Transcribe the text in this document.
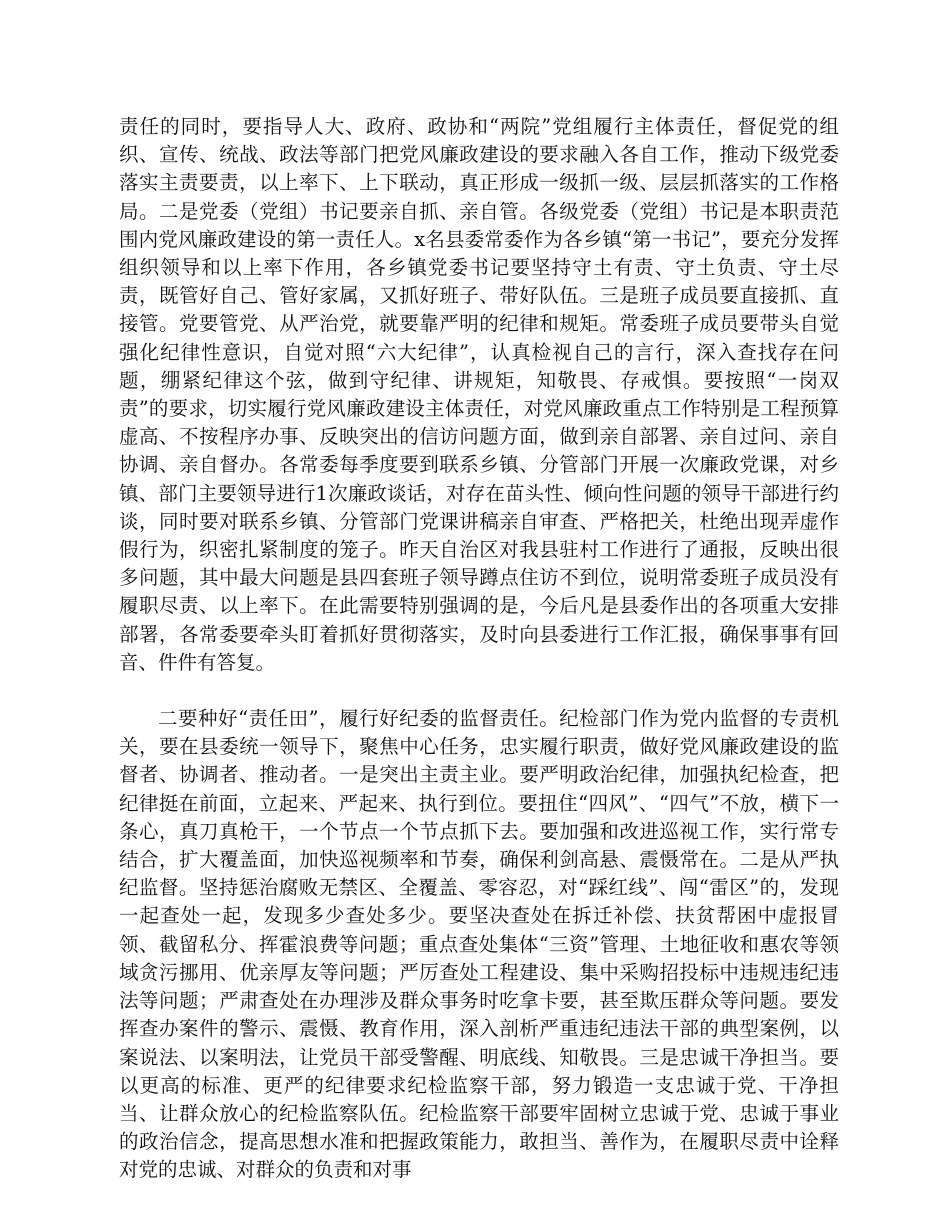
责任的同时，要指导人大、政府、政协和“两院”党组履行主体责任，督促党的组织、宣传、统战、政法等部门把党风廉政建设的要求融入各自工作，推动下级党委落实主责要责，以上率下、上下联动，真正形成一级抓一级、层层抓落实的工作格局。二是党委（党组）书记要亲自抓、亲自管。各级党委（党组）书记是本职责范围内党风廉政建设的第一责任人。x名县委常委作为各乡镇“第一书记”，要充分发挥组织领导和以上率下作用，各乡镇党委书记要坚持守土有责、守土负责、守土尽责，既管好自己、管好家属，又抓好班子、带好队伍。三是班子成员要直接抓、直接管。党要管党、从严治党，就要靠严明的纪律和规矩。常委班子成员要带头自觉强化纪律性意识，自觉对照“六大纪律”，认真检视自己的言行，深入查找存在问题，绷紧纪律这个弦，做到守纪律、讲规矩，知敬畏、存戒惧。要按照“一岗双责”的要求，切实履行党风廉政建设主体责任，对党风廉政重点工作特别是工程预算虚高、不按程序办事、反映突出的信访问题方面，做到亲自部署、亲自过问、亲自协调、亲自督办。各常委每季度要到联系乡镇、分管部门开展一次廉政党课，对乡镇、部门主要领导进行1次廉政谈话，对存在苗头性、倾向性问题的领导干部进行约谈，同时要对联系乡镇、分管部门党课讲稿亲自审查、严格把关，杜绝出现弄虚作假行为，织密扎紧制度的笼子。昨天自治区对我县驻村工作进行了通报，反映出很多问题，其中最大问题是县四套班子领导蹲点住访不到位，说明常委班子成员没有履职尽责、以上率下。在此需要特别强调的是，今后凡是县委作出的各项重大安排部署，各常委要牵头盯着抓好贯彻落实，及时向县委进行工作汇报，确保事事有回音、件件有答复。

二要种好“责任田”，履行好纪委的监督责任。纪检部门作为党内监督的专责机关，要在县委统一领导下，聚焦中心任务，忠实履行职责，做好党风廉政建设的监督者、协调者、推动者。一是突出主责主业。要严明政治纪律，加强执纪检查，把纪律挺在前面，立起来、严起来、执行到位。要扭住“四风”、“四气”不放，横下一条心，真刀真枪干，一个节点一个节点抓下去。要加强和改进巡视工作，实行常专结合，扩大覆盖面，加快巡视频率和节奏，确保利剑高悬、震慑常在。二是从严执纪监督。坚持惩治腐败无禁区、全覆盖、零容忍，对“踩红线”、闯“雷区”的，发现一起查处一起，发现多少查处多少。要坚决查处在拆迁补偿、扶贫帮困中虚报冒领、截留私分、挥霍浪费等问题；重点查处集体“三资”管理、土地征收和惠农等领域贪污挪用、优亲厚友等问题；严厉查处工程建设、集中采购招投标中违规违纪违法等问题；严肃查处在办理涉及群众事务时吃拿卡要，甚至欺压群众等问题。要发挥查办案件的警示、震慑、教育作用，深入剖析严重违纪违法干部的典型案例，以案说法、以案明法，让党员干部受警醒、明底线、知敬畏。三是忠诚干净担当。要以更高的标准、更严的纪律要求纪检监察干部，努力锻造一支忠诚于党、干净担当、让群众放心的纪检监察队伍。纪检监察干部要牢固树立忠诚于党、忠诚于事业的政治信念，提高思想水准和把握政策能力，敢担当、善作为，在履职尽责中诠释对党的忠诚、对群众的负责和对事
